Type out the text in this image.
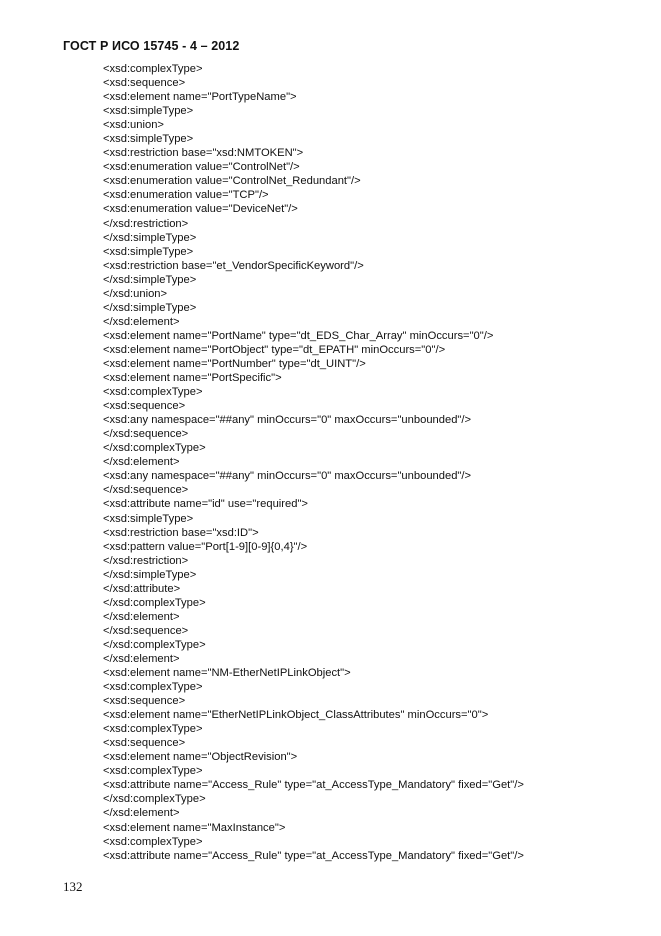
ГОСТ Р ИСО 15745 - 4 – 2012
<xsd:complexType>
<xsd:sequence>
<xsd:element name="PortTypeName">
<xsd:simpleType>
<xsd:union>
<xsd:simpleType>
<xsd:restriction base="xsd:NMTOKEN">
<xsd:enumeration value="ControlNet"/>
<xsd:enumeration value="ControlNet_Redundant"/>
<xsd:enumeration value="TCP"/>
<xsd:enumeration value="DeviceNet"/>
</xsd:restriction>
</xsd:simpleType>
<xsd:simpleType>
<xsd:restriction base="et_VendorSpecificKeyword"/>
</xsd:simpleType>
</xsd:union>
</xsd:simpleType>
</xsd:element>
<xsd:element name="PortName" type="dt_EDS_Char_Array" minOccurs="0"/>
<xsd:element name="PortObject" type="dt_EPATH" minOccurs="0"/>
<xsd:element name="PortNumber" type="dt_UINT"/>
<xsd:element name="PortSpecific">
<xsd:complexType>
<xsd:sequence>
<xsd:any namespace="##any" minOccurs="0" maxOccurs="unbounded"/>
</xsd:sequence>
</xsd:complexType>
</xsd:element>
<xsd:any namespace="##any" minOccurs="0" maxOccurs="unbounded"/>
</xsd:sequence>
<xsd:attribute name="id" use="required">
<xsd:simpleType>
<xsd:restriction base="xsd:ID">
<xsd:pattern value="Port[1-9][0-9]{0,4}"/>
</xsd:restriction>
</xsd:simpleType>
</xsd:attribute>
</xsd:complexType>
</xsd:element>
</xsd:sequence>
</xsd:complexType>
</xsd:element>
<xsd:element name="NM-EtherNetIPLinkObject">
<xsd:complexType>
<xsd:sequence>
<xsd:element name="EtherNetIPLinkObject_ClassAttributes" minOccurs="0">
<xsd:complexType>
<xsd:sequence>
<xsd:element name="ObjectRevision">
<xsd:complexType>
<xsd:attribute name="Access_Rule" type="at_AccessType_Mandatory" fixed="Get"/>
</xsd:complexType>
</xsd:element>
<xsd:element name="MaxInstance">
<xsd:complexType>
<xsd:attribute name="Access_Rule" type="at_AccessType_Mandatory" fixed="Get"/>
132
